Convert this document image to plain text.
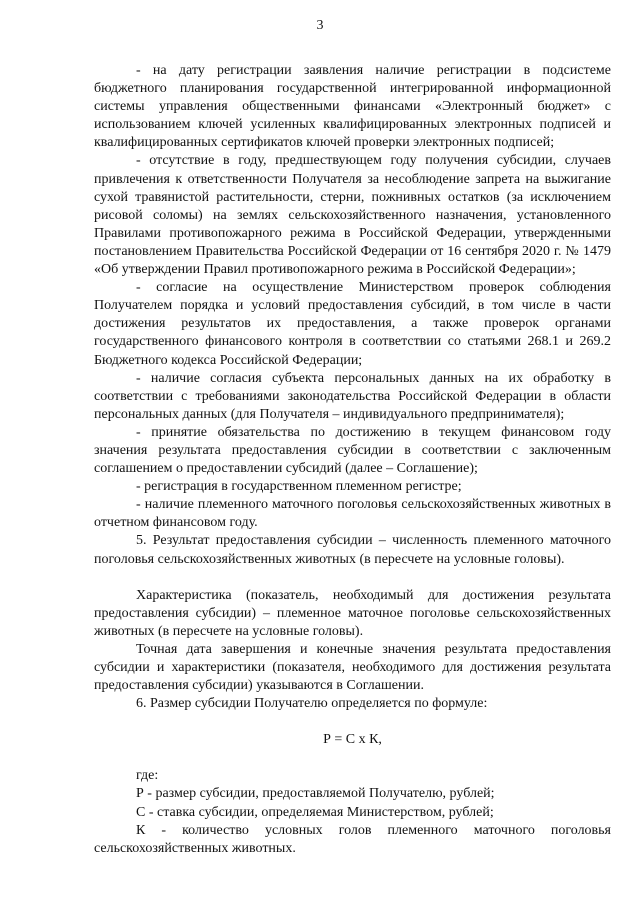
3

- на дату регистрации заявления наличие регистрации в подсистеме бюджетного планирования государственной интегрированной информационной системы управления общественными финансами «Электронный бюджет» с использованием ключей усиленных квалифицированных электронных подписей и квалифицированных сертификатов ключей проверки электронных подписей;

- отсутствие в году, предшествующем году получения субсидии, случаев привлечения к ответственности Получателя за несоблюдение запрета на выжигание сухой травянистой растительности, стерни, пожнивных остатков (за исключением рисовой соломы) на землях сельскохозяйственного назначения, установленного Правилами противопожарного режима в Российской Федерации, утвержденными постановлением Правительства Российской Федерации от 16 сентября 2020 г. № 1479 «Об утверждении Правил противопожарного режима в Российской Федерации»;

- согласие на осуществление Министерством проверок соблюдения Получателем порядка и условий предоставления субсидий, в том числе в части достижения результатов их предоставления, а также проверок органами государственного финансового контроля в соответствии со статьями 268.1 и 269.2 Бюджетного кодекса Российской Федерации;

- наличие согласия субъекта персональных данных на их обработку в соответствии с требованиями законодательства Российской Федерации в области персональных данных (для Получателя – индивидуального предпринимателя);

- принятие обязательства по достижению в текущем финансовом году значения результата предоставления субсидии в соответствии с заключенным соглашением о предоставлении субсидий (далее – Соглашение);

- регистрация в государственном племенном регистре;

- наличие племенного маточного поголовья сельскохозяйственных животных в отчетном финансовом году.

5. Результат предоставления субсидии – численность племенного маточного поголовья сельскохозяйственных животных (в пересчете на условные головы).

Характеристика (показатель, необходимый для достижения результата предоставления субсидии) – племенное маточное поголовье сельскохозяйственных животных (в пересчете на условные головы).

Точная дата завершения и конечные значения результата предоставления субсидии и характеристики (показателя, необходимого для достижения результата предоставления субсидии) указываются в Соглашении.

6. Размер субсидии Получателю определяется по формуле:

Р = С х К,

где:

Р - размер субсидии, предоставляемой Получателю, рублей;

С - ставка субсидии, определяемая Министерством, рублей;

К - количество условных голов племенного маточного поголовья сельскохозяйственных животных.
